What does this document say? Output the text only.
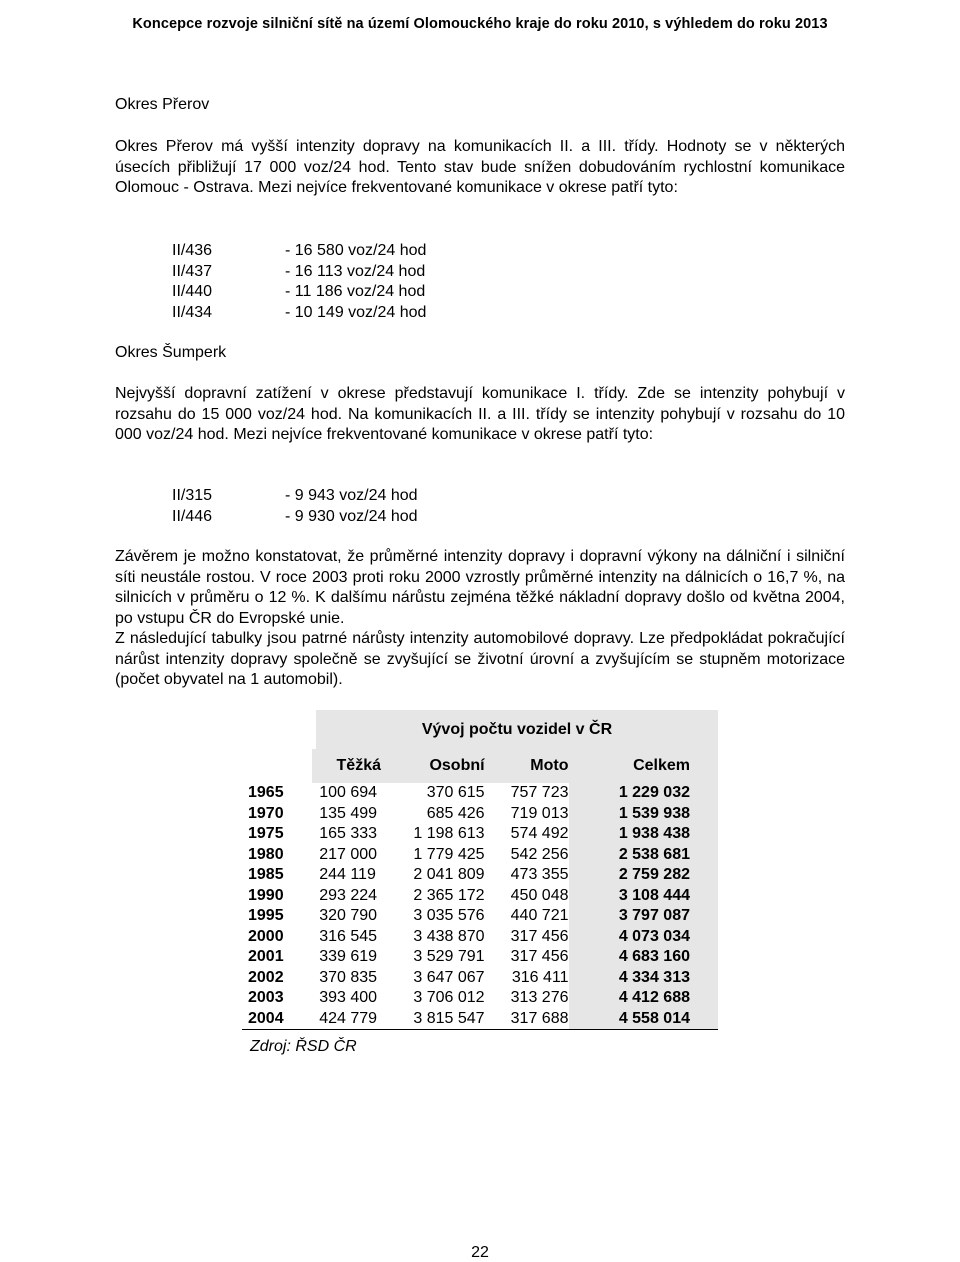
Koncepce rozvoje silniční sítě na území Olomouckého kraje do roku 2010, s výhledem do roku 2013
Okres Přerov
Okres Přerov má vyšší intenzity dopravy na komunikacích II. a III. třídy. Hodnoty se v některých úsecích přibližují 17 000 voz/24 hod. Tento stav bude snížen dobudováním rychlostní komunikace Olomouc - Ostrava. Mezi nejvíce frekventované komunikace v okrese patří tyto:
II/436	- 16 580 voz/24 hod
II/437	- 16 113 voz/24 hod
II/440	- 11 186 voz/24 hod
II/434	- 10 149 voz/24 hod
Okres Šumperk
Nejvyšší dopravní zatížení v okrese představují komunikace I. třídy. Zde se intenzity pohybují v rozsahu do 15 000 voz/24 hod. Na komunikacích II. a III. třídy se intenzity pohybují v rozsahu do 10 000 voz/24 hod. Mezi nejvíce frekventované komunikace v okrese patří tyto:
II/315	- 9 943 voz/24 hod
II/446	- 9 930 voz/24 hod
Závěrem je možno konstatovat, že průměrné intenzity dopravy i dopravní výkony na dálniční i silniční síti neustále rostou. V roce 2003 proti roku 2000 vzrostly průměrné intenzity na dálnicích o 16,7 %, na silnicích v průměru o 12 %. K dalšímu nárůstu zejména těžké nákladní dopravy došlo od května 2004, po vstupu ČR do Evropské unie.
Z následující tabulky jsou patrné nárůsty intenzity automobilové dopravy. Lze předpokládat pokračující nárůst intenzity dopravy společně se zvyšující se životní úrovní a zvyšujícím se stupněm motorizace (počet obyvatel na 1 automobil).
Vývoj počtu vozidel v ČR
	Těžká	Osobní	Moto	Celkem
1965	100 694	370 615	757 723	1 229 032
1970	135 499	685 426	719 013	1 539 938
1975	165 333	1 198 613	574 492	1 938 438
1980	217 000	1 779 425	542 256	2 538 681
1985	244 119	2 041 809	473 355	2 759 282
1990	293 224	2 365 172	450 048	3 108 444
1995	320 790	3 035 576	440 721	3 797 087
2000	316 545	3 438 870	317 456	4 073 034
2001	339 619	3 529 791	317 456	4 683 160
2002	370 835	3 647 067	316 411	4 334 313
2003	393 400	3 706 012	313 276	4 412 688
2004	424 779	3 815 547	317 688	4 558 014
Zdroj: ŘSD ČR
22
